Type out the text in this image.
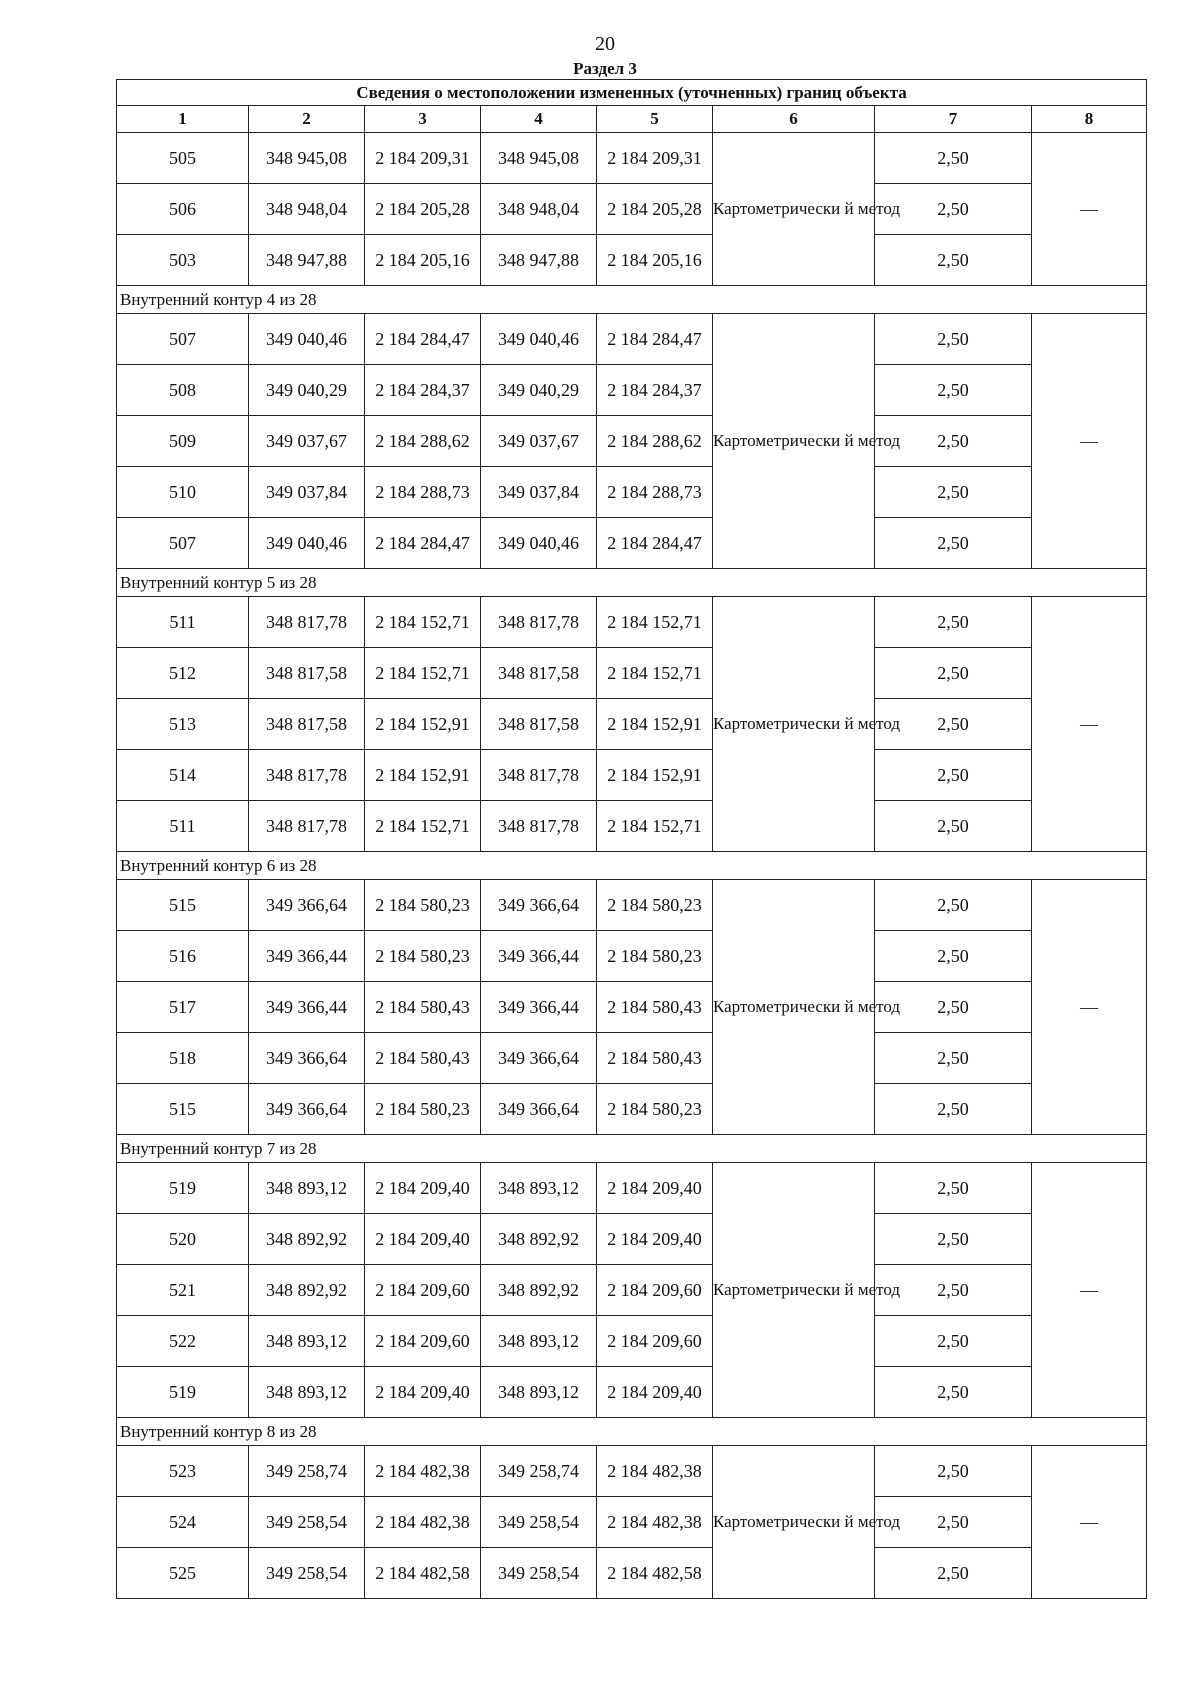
20
Раздел 3
Сведения о местоположении измененных (уточненных) границ объекта							
1	2	3	4	5	6	7	8
505	348 945,08	2 184 209,31	348 945,08	2 184 209,31	Картометрически й метод	2,50	—
506	348 948,04	2 184 205,28	348 948,04	2 184 205,28		2,50	
503	348 947,88	2 184 205,16	348 947,88	2 184 205,16		2,50	
Внутренний контур 4 из 28							
507	349 040,46	2 184 284,47	349 040,46	2 184 284,47	Картометрически й метод	2,50	—
508	349 040,29	2 184 284,37	349 040,29	2 184 284,37		2,50	
509	349 037,67	2 184 288,62	349 037,67	2 184 288,62		2,50	
510	349 037,84	2 184 288,73	349 037,84	2 184 288,73		2,50	
507	349 040,46	2 184 284,47	349 040,46	2 184 284,47		2,50	
Внутренний контур 5 из 28							
511	348 817,78	2 184 152,71	348 817,78	2 184 152,71	Картометрически й метод	2,50	—
512	348 817,58	2 184 152,71	348 817,58	2 184 152,71		2,50	
513	348 817,58	2 184 152,91	348 817,58	2 184 152,91		2,50	
514	348 817,78	2 184 152,91	348 817,78	2 184 152,91		2,50	
511	348 817,78	2 184 152,71	348 817,78	2 184 152,71		2,50	
Внутренний контур 6 из 28							
515	349 366,64	2 184 580,23	349 366,64	2 184 580,23	Картометрически й метод	2,50	—
516	349 366,44	2 184 580,23	349 366,44	2 184 580,23		2,50	
517	349 366,44	2 184 580,43	349 366,44	2 184 580,43		2,50	
518	349 366,64	2 184 580,43	349 366,64	2 184 580,43		2,50	
515	349 366,64	2 184 580,23	349 366,64	2 184 580,23		2,50	
Внутренний контур 7 из 28							
519	348 893,12	2 184 209,40	348 893,12	2 184 209,40	Картометрически й метод	2,50	—
520	348 892,92	2 184 209,40	348 892,92	2 184 209,40		2,50	
521	348 892,92	2 184 209,60	348 892,92	2 184 209,60		2,50	
522	348 893,12	2 184 209,60	348 893,12	2 184 209,60		2,50	
519	348 893,12	2 184 209,40	348 893,12	2 184 209,40		2,50	
Внутренний контур 8 из 28							
523	349 258,74	2 184 482,38	349 258,74	2 184 482,38	Картометрически й метод	2,50	—
524	349 258,54	2 184 482,38	349 258,54	2 184 482,38		2,50	
525	349 258,54	2 184 482,58	349 258,54	2 184 482,58		2,50	
